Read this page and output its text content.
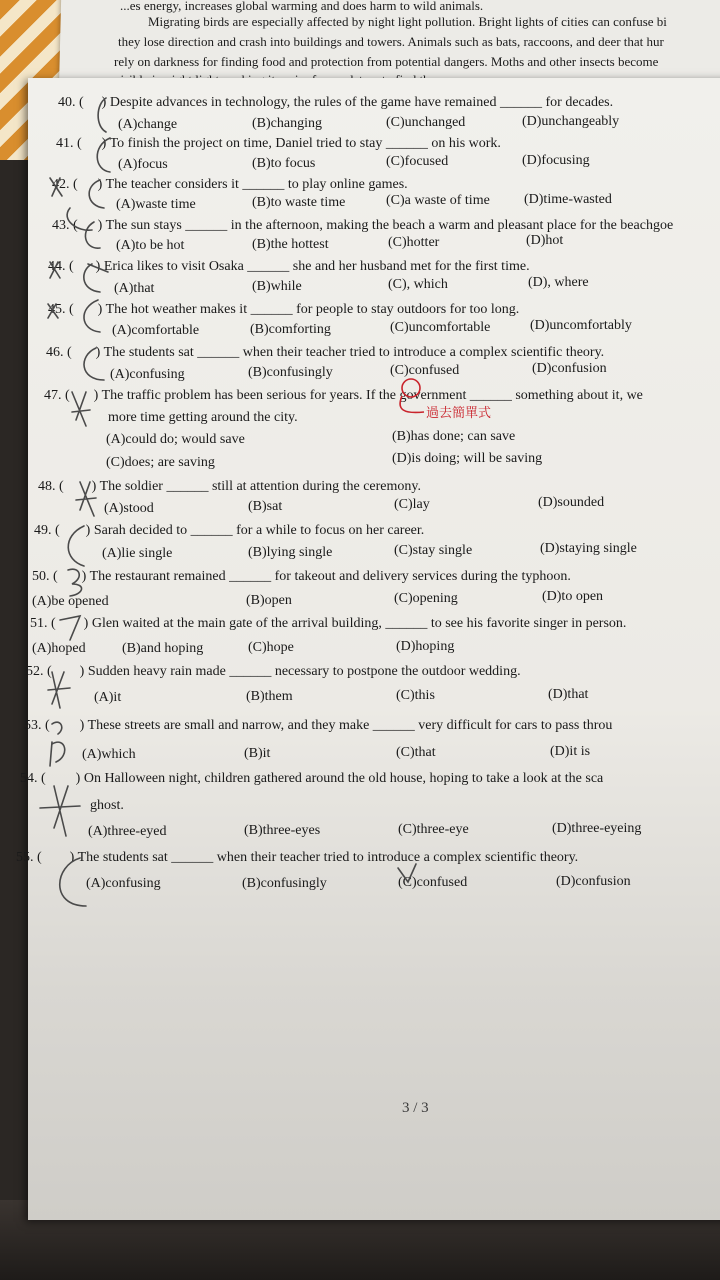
...es energy, increases global warming and does harm to wild animals.
Migrating birds are especially affected by night light pollution. Bright lights of cities can confuse bi
they lose direction and crash into buildings and towers. Animals such as bats, raccoons, and deer that hur
rely on darkness for finding food and protection from potential dangers. Moths and other insects become
40. ( ) Despite advances in technology, the rules of the game have remained ______ for decades.
(A)change	(B)changing	(C)unchanged	(D)unchangeably
41. ( ) To finish the project on time, Daniel tried to stay ______ on his work.
(A)focus	(B)to focus	(C)focused	(D)focusing
42. ( ) The teacher considers it ______ to play online games.
(A)waste time	(B)to waste time	(C)a waste of time (D)time-wasted
43. ( ) The sun stays ______ in the afternoon, making the beach a warm and pleasant place for the beachgoe
(A)to be hot	(B)the hottest	(C)hotter	(D)hot
44. ( ) Erica likes to visit Osaka ______ she and her husband met for the first time.
(A)that	(B)while	(C), which	(D), where
45. ( ) The hot weather makes it ______ for people to stay outdoors for too long.
(A)comfortable	(B)comforting	(C)uncomfortable	(D)uncomfortably
46. ( ) The students sat ______ when their teacher tried to introduce a complex scientific theory.
(A)confusing	(B)confusingly	(C)confused	(D)confusion
47. ( ) The traffic problem has been serious for years. If the government ______ something about it, we
more time getting around the city.
(A)could do; would save	(B)has done; can save
(C)does; are saving	(D)is doing; will be saving
48. ( ) The soldier ______ still at attention during the ceremony.
(A)stood	(B)sat	(C)lay	(D)sounded
49. ( ) Sarah decided to ______ for a while to focus on her career.
(A)lie single	(B)lying single	(C)stay single	(D)staying single
50. ( ) The restaurant remained ______ for takeout and delivery services during the typhoon.
(A)be opened	(B)open	(C)opening	(D)to open
51. ( ) Glen waited at the main gate of the arrival building, ______ to see his favorite singer in person.
(A)hoped	(B)and hoping	(C)hope	(D)hoping
52. ( ) Sudden heavy rain made ______ necessary to postpone the outdoor wedding.
(A)it	(B)them	(C)this	(D)that
53. ( ) These streets are small and narrow, and they make ______ very difficult for cars to pass throu
(A)which	(B)it	(C)that	(D)it is
54. ( ) On Halloween night, children gathered around the old house, hoping to take a look at the sca
ghost.
(A)three-eyed	(B)three-eyes	(C)three-eye	(D)three-eyeing
55. ( ) The students sat ______ when their teacher tried to introduce a complex scientific theory.
(A)confusing	(B)confusingly	(C)confused	(D)confusion
過去簡單式
3 / 3
